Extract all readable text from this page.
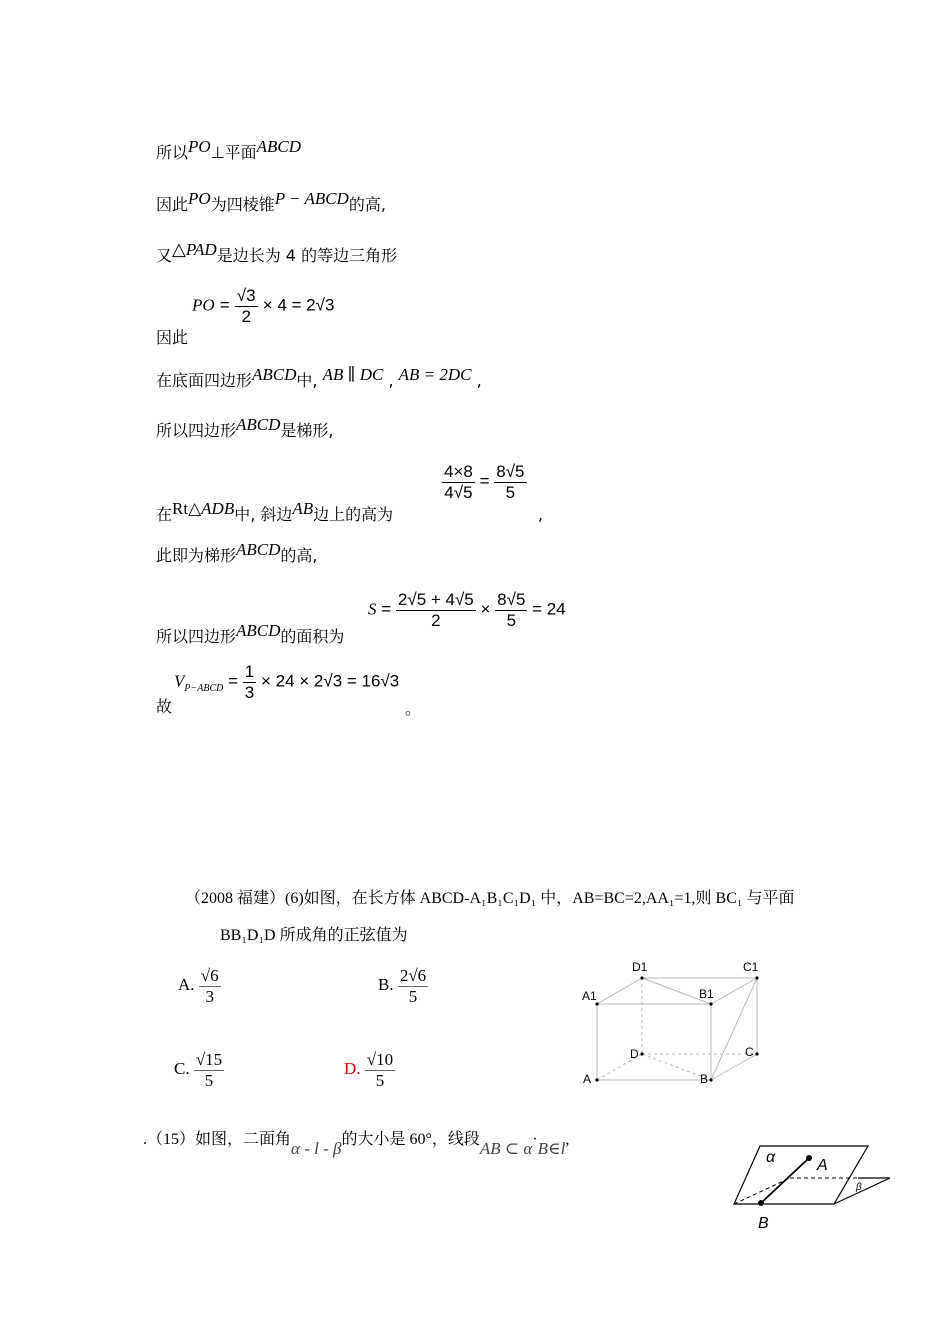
所以PO⊥平面ABCD
因此PO为四棱锥P − ABCD的高,
又△PAD是边长为 4 的等边三角形
PO = $\frac{√3}{2} \times 4 = 2√3$
因此
在底面四边形ABCD中, AB ∥ DC , AB = 2DC ,
所以四边形ABCD是梯形,
在Rt△ADB中, 斜边AB边上的高为
$\frac{4\times 8}{4√5} = \frac{8√5}{5}$
,
此即为梯形ABCD的高,
所以四边形ABCD的面积为
$S = \frac{2√5 + 4√5}{2} \times \frac{8√5}{5} = 24$
$V_{P-ABCD} = \frac{1}{3} \times 24 \times 2√3 = 16√3$
故	。
（2008 福建）(6)如图，在长方体 ABCD-A₁B₁C₁D₁ 中，AB=BC=2,AA₁=1,则 BC₁ 与平面
BB₁D₁D 所成角的正弦值为
A. $\frac{√6}{3}$	B. $\frac{2√6}{5}$
C. $\frac{√15}{5}$	D. $\frac{√10}{5}$
D1	C1
A1	B1
D	C
A	B
.（15）如图，二面角α - l - β的大小是 60°，线段AB ⊂ α·B∈l,
α	A
β
B
